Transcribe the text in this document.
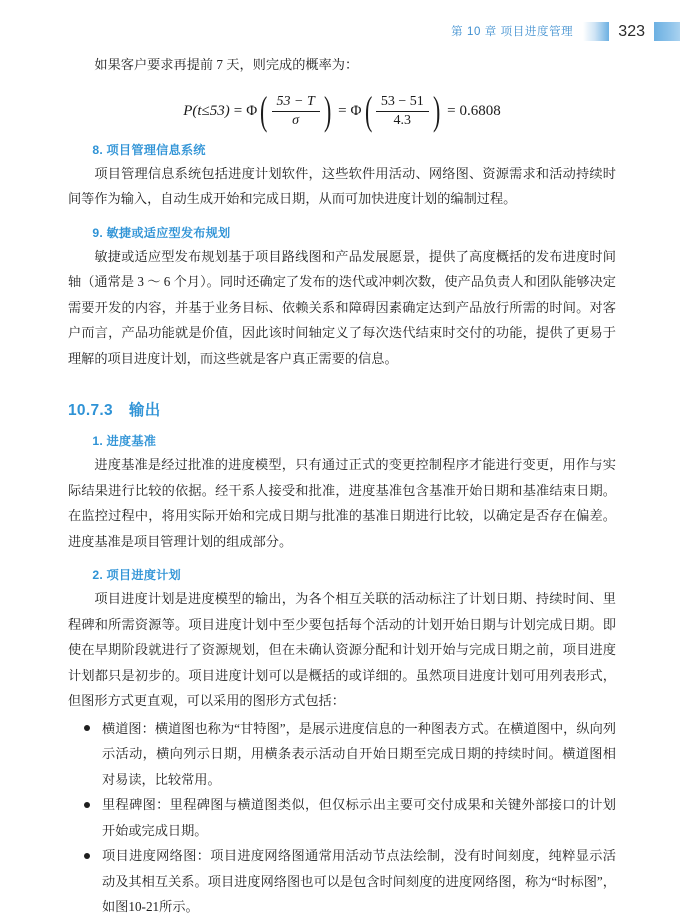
第 10 章 项目进度管理	323

如果客户要求再提前 7 天，则完成的概率为：

P(t≤53) = Φ ( $\frac{53 - T}{\sigma}$ ) = Φ ( $\frac{53 - 51}{4.3}$ ) = 0.6808
8. 项目管理信息系统

项目管理信息系统包括进度计划软件，这些软件用活动、网络图、资源需求和活动持续时间等作为输入，自动生成开始和完成日期，从而可加快进度计划的编制过程。

9. 敏捷或适应型发布规划

敏捷或适应型发布规划基于项目路线图和产品发展愿景，提供了高度概括的发布进度时间轴（通常是 3 ～ 6 个月）。同时还确定了发布的迭代或冲刺次数，使产品负责人和团队能够决定需要开发的内容，并基于业务目标、依赖关系和障碍因素确定达到产品放行所需的时间。对客户而言，产品功能就是价值，因此该时间轴定义了每次迭代结束时交付的功能，提供了更易于理解的项目进度计划，而这些就是客户真正需要的信息。

10.7.3 输出
1. 进度基准

进度基准是经过批准的进度模型，只有通过正式的变更控制程序才能进行变更，用作与实际结果进行比较的依据。经干系人接受和批准，进度基准包含基准开始日期和基准结束日期。在监控过程中，将用实际开始和完成日期与批准的基准日期进行比较，以确定是否存在偏差。进度基准是项目管理计划的组成部分。

2. 项目进度计划

项目进度计划是进度模型的输出，为各个相互关联的活动标注了计划日期、持续时间、里程碑和所需资源等。项目进度计划中至少要包括每个活动的计划开始日期与计划完成日期。即使在早期阶段就进行了资源规划，但在未确认资源分配和计划开始与完成日期之前，项目进度计划都只是初步的。项目进度计划可以是概括的或详细的。虽然项目进度计划可用列表形式，但图形方式更直观，可以采用的图形方式包括：

横道图：横道图也称为“甘特图”，是展示进度信息的一种图表方式。在横道图中，纵向列示活动，横向列示日期，用横条表示活动自开始日期至完成日期的持续时间。横道图相对易读，比较常用。
里程碑图：里程碑图与横道图类似，但仅标示出主要可交付成果和关键外部接口的计划开始或完成日期。
项目进度网络图：项目进度网络图通常用活动节点法绘制，没有时间刻度，纯粹显示活动及其相互关系。项目进度网络图也可以是包含时间刻度的进度网络图，称为“时标图”，如图10-21所示。
